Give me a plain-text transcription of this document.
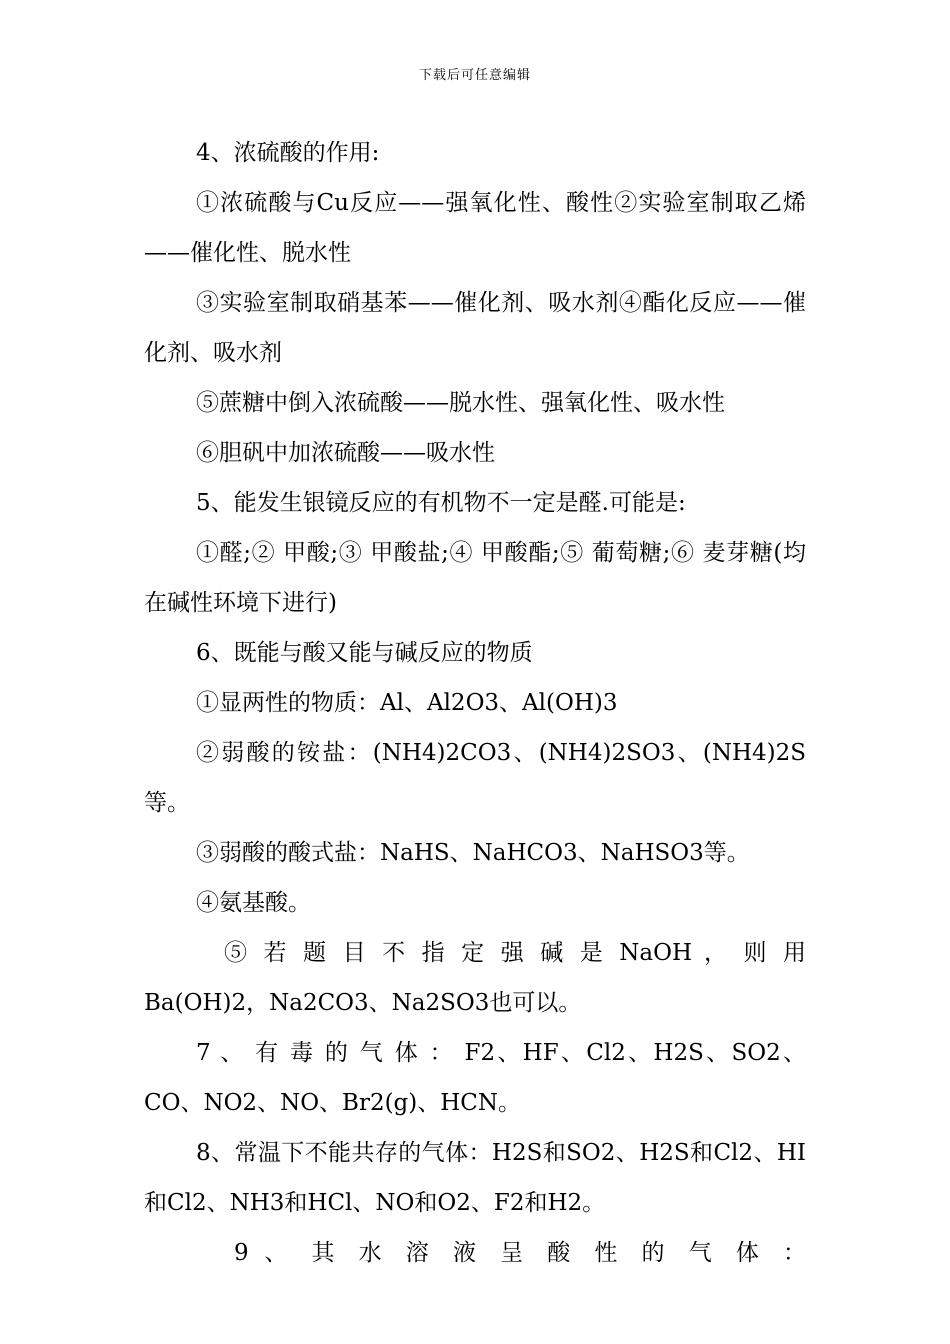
下载后可任意编辑

4、浓硫酸的作用:

①浓硫酸与Cu反应——强氧化性、酸性②实验室制取乙烯——催化性、脱水性

③实验室制取硝基苯——催化剂、吸水剂④酯化反应——催化剂、吸水剂

⑤蔗糖中倒入浓硫酸——脱水性、强氧化性、吸水性

⑥胆矾中加浓硫酸——吸水性

5、能发生银镜反应的有机物不一定是醛.可能是:

①醛;② 甲酸;③ 甲酸盐;④ 甲酸酯;⑤ 葡萄糖;⑥ 麦芽糖(均在碱性环境下进行)

6、既能与酸又能与碱反应的物质

①显两性的物质：Al、Al2O3、Al(OH)3

②弱酸的铵盐：(NH4)2CO3、(NH4)2SO3、(NH4)2S等。

③弱酸的酸式盐：NaHS、NaHCO3、NaHSO3等。

④氨基酸。

⑤ 若 题 目 不 指 定 强 碱 是 NaOH ， 则 用 Ba(OH)2，Na2CO3、Na2SO3也可以。

7 、 有 毒 的 气 体 ： F2、HF、Cl2、H2S、SO2、CO、NO2、NO、Br2(g)、HCN。

8、常温下不能共存的气体：H2S和SO2、H2S和Cl2、HI和Cl2、NH3和HCl、NO和O2、F2和H2。

9 、 其 水 溶 液 呈 酸 性 的 气 体 ：
